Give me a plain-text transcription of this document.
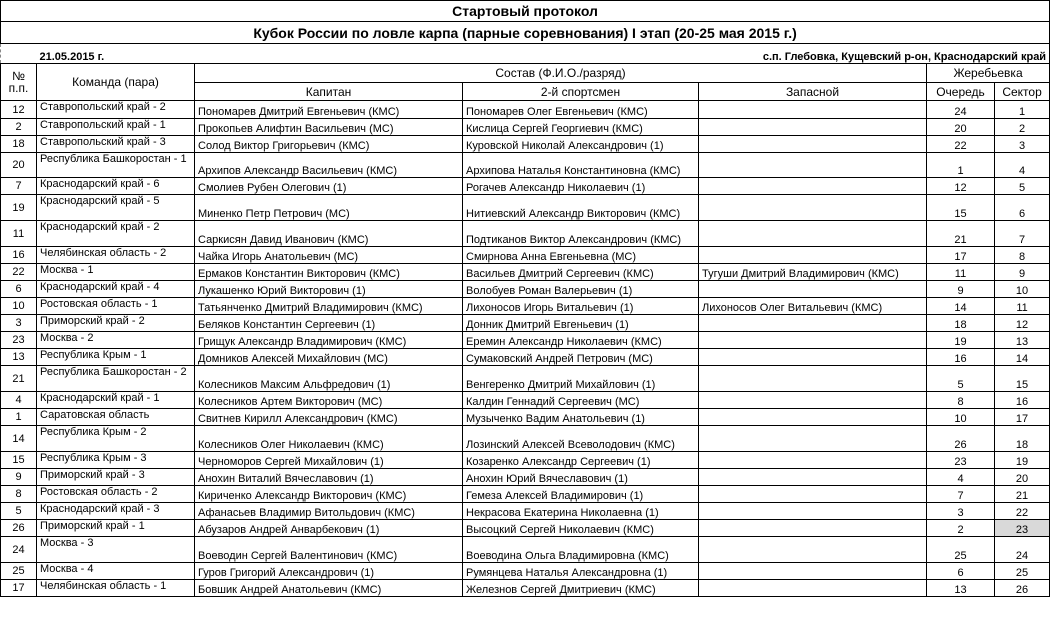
Стартовый протокол						
Кубок России по ловле карпа (парные соревнования) I этап (20-25 мая 2015 г.)						
	21.05.2015 г.	с.п. Глебовка, Кущевский р-он, Краснодарский край				
№ п.п.	Команда (пара)	Состав (Ф.И.О./разряд)			Жеребьевка	
		Капитан	2-й спортсмен	Запасной	Очередь	Сектор
12	Ставропольский край - 2	Пономарев Дмитрий Евгеньевич (КМС)	Пономарев Олег Евгеньевич (КМС)		24	1
2	Ставропольский край - 1	Прокопьев Алифтин Васильевич (МС)	Кислица Сергей Георгиевич (КМС)		20	2
18	Ставропольский край - 3	Солод Виктор Григорьевич (КМС)	Куровской Николай Александрович (1)		22	3
20	Республика Башкоростан - 1	Архипов Александр Васильевич (КМС)	Архипова Наталья Константиновна (КМС)		1	4
7	Краснодарский край - 6	Смолиев Рубен Олегович (1)	Рогачев Александр Николаевич (1)		12	5
19	Краснодарский край - 5	Миненко Петр Петрович (МС)	Нитиевский Александр Викторович (КМС)		15	6
11	Краснодарский край - 2	Саркисян Давид Иванович (КМС)	Подтиканов Виктор Александрович (КМС)		21	7
16	Челябинская область - 2	Чайка Игорь Анатольевич (МС)	Смирнова Анна Евгеньевна (МС)		17	8
22	Москва - 1	Ермаков Константин Викторович (КМС)	Васильев Дмитрий Сергеевич (КМС)	Тугуши Дмитрий Владимирович (КМС)	11	9
6	Краснодарский край - 4	Лукашенко Юрий Викторович (1)	Волобуев Роман Валерьевич (1)		9	10
10	Ростовская область - 1	Татьянченко Дмитрий Владимирович (КМС)	Лихоносов Игорь Витальевич (1)	Лихоносов Олег Витальевич (КМС)	14	11
3	Приморский край - 2	Беляков Константин Сергеевич (1)	Донник Дмитрий Евгеньевич (1)		18	12
23	Москва - 2	Грищук Александр Владимирович (КМС)	Еремин Александр Николаевич (КМС)		19	13
13	Республика Крым - 1	Домников Алексей Михайлович (МС)	Сумаковский Андрей Петрович (МС)		16	14
21	Республика Башкоростан - 2	Колесников Максим Альфредович (1)	Венгеренко Дмитрий Михайлович (1)		5	15
4	Краснодарский край - 1	Колесников Артем Викторович (МС)	Калдин Геннадий Сергеевич (МС)		8	16
1	Саратовская область	Свитнев Кирилл Александрович (КМС)	Музыченко Вадим Анатольевич (1)		10	17
14	Республика Крым - 2	Колесников Олег Николаевич (КМС)	Лозинский Алексей Всеволодович (КМС)		26	18
15	Республика Крым - 3	Черноморов Сергей Михайлович (1)	Козаренко Александр Сергеевич (1)		23	19
9	Приморский край - 3	Анохин Виталий Вячеславович (1)	Анохин Юрий Вячеславович (1)		4	20
8	Ростовская область - 2	Кириченко Александр Викторович (КМС)	Гемеза Алексей Владимирович (1)		7	21
5	Краснодарский край - 3	Афанасьев Владимир Витольдович (КМС)	Некрасова Екатерина Николаевна (1)		3	22
26	Приморский край - 1	Абузаров Андрей Анварбекович (1)	Высоцкий Сергей Николаевич (КМС)		2	23
24	Москва - 3	Воеводин Сергей Валентинович (КМС)	Воеводина Ольга Владимировна (КМС)		25	24
25	Москва - 4	Гуров Григорий Александрович (1)	Румянцева Наталья Александровна (1)		6	25
17	Челябинская область - 1	Бовшик Андрей Анатольевич (КМС)	Железнов Сергей Дмитриевич (КМС)		13	26
